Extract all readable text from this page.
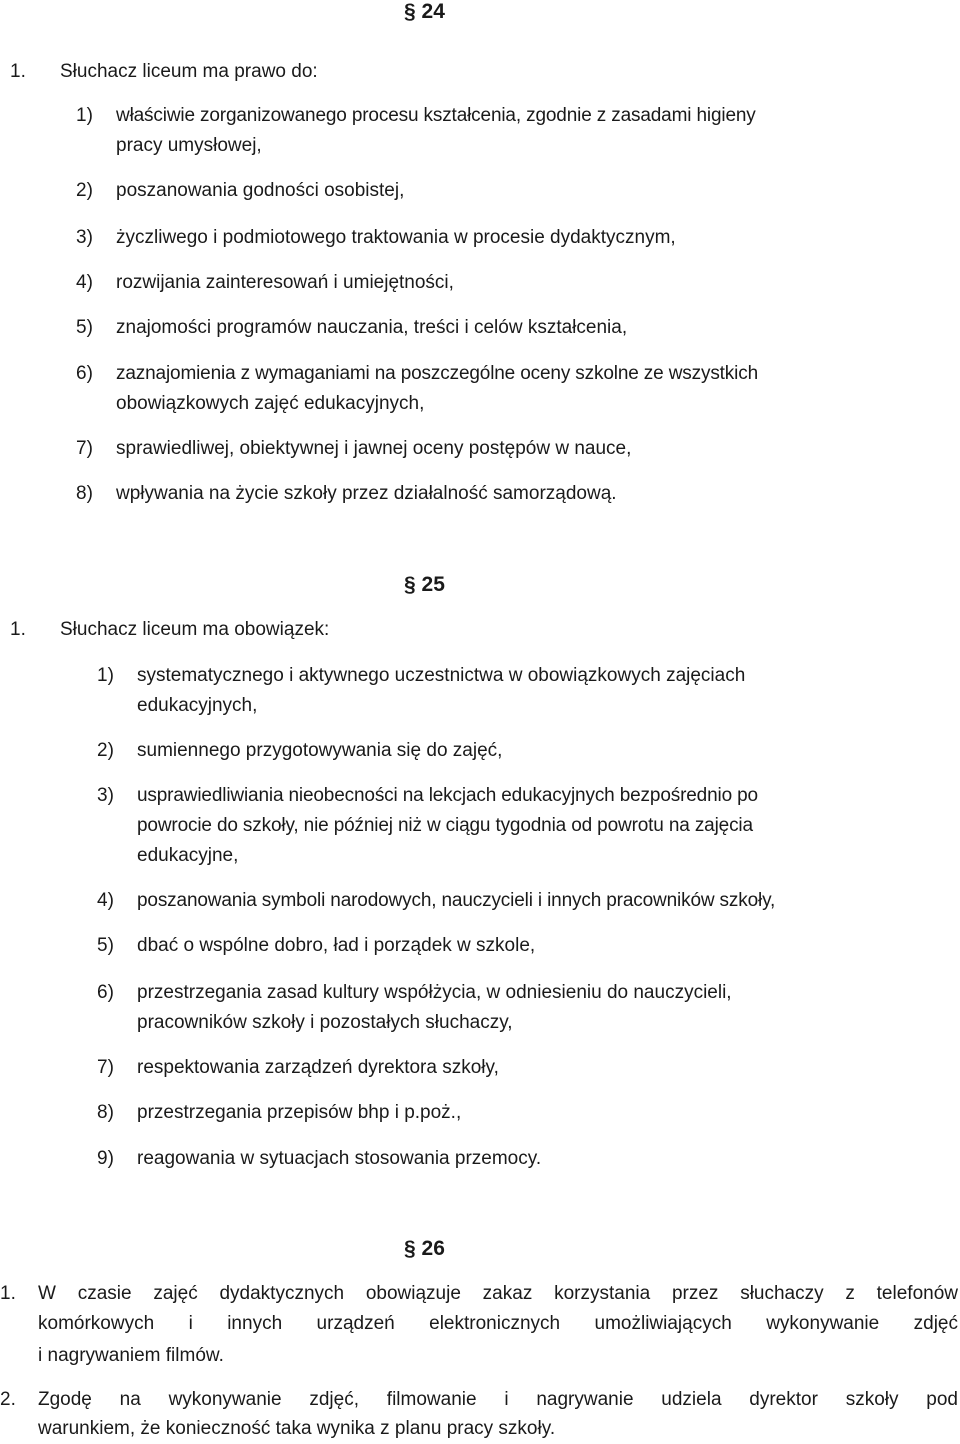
§ 24
1. Słuchacz liceum ma prawo do:
1) właściwie zorganizowanego procesu kształcenia, zgodnie z zasadami higieny
pracy umysłowej,
2) poszanowania godności osobistej,
3) życzliwego i podmiotowego traktowania w procesie dydaktycznym,
4) rozwijania zainteresowań i umiejętności,
5) znajomości programów nauczania, treści i celów kształcenia,
6) zaznajomienia z wymaganiami na poszczególne oceny szkolne ze wszystkich
obowiązkowych zajęć edukacyjnych,
7) sprawiedliwej, obiektywnej i jawnej oceny postępów w nauce,
8) wpływania na życie szkoły przez działalność samorządową.
§ 25
1. Słuchacz liceum ma obowiązek:
1) systematycznego i aktywnego uczestnictwa w obowiązkowych zajęciach
edukacyjnych,
2) sumiennego przygotowywania się do zajęć,
3) usprawiedliwiania nieobecności na lekcjach edukacyjnych bezpośrednio po
powrocie do szkoły, nie później niż w ciągu tygodnia od powrotu na zajęcia
edukacyjne,
4) poszanowania symboli narodowych, nauczycieli i innych pracowników szkoły,
5) dbać o wspólne dobro, ład i porządek w szkole,
6) przestrzegania zasad kultury współżycia, w odniesieniu do nauczycieli,
pracowników szkoły i pozostałych słuchaczy,
7) respektowania zarządzeń dyrektora szkoły,
8) przestrzegania przepisów bhp i p.poż.,
9) reagowania w sytuacjach stosowania przemocy.
§ 26
1. W czasie zajęć dydaktycznych obowiązuje zakaz korzystania przez słuchaczy z telefonów
komórkowych i innych urządzeń elektronicznych umożliwiających wykonywanie zdjęć
i nagrywaniem filmów.
2. Zgodę na wykonywanie zdjęć, filmowanie i nagrywanie udziela dyrektor szkoły pod
warunkiem, że konieczność taka wynika z planu pracy szkoły.
